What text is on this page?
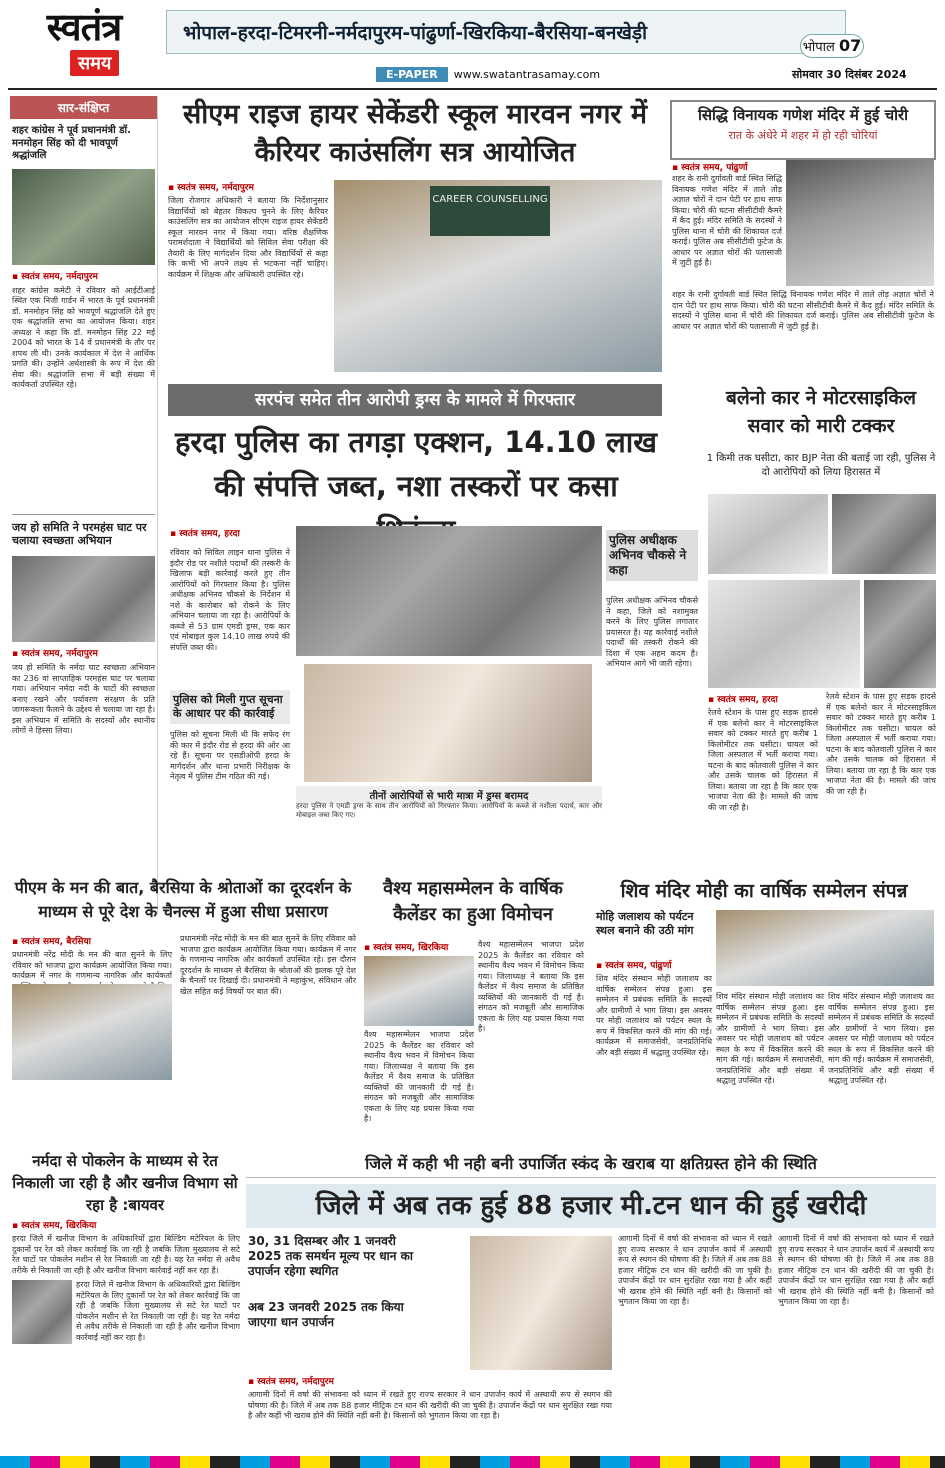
स्वतंत्र
समय
भोपाल-हरदा-टिमरनी-नर्मदापुरम-पांढुर्णा-खिरकिया-बैरसिया-बनखेड़ी
भोपाल 07
E-PAPER www.swatantrasamay.com	सोमवार 30 दिसंबर 2024
सार-संक्षिप्त
शहर कांग्रेस ने पूर्व प्रधानमंत्री डॉ. मनमोहन सिंह को दी भावपूर्ण श्रद्धांजलि
▪ स्वतंत्र समय, नर्मदापुरम
शहर कांग्रेस कमेटी ने रविवार को आईटीआई स्थित एक निजी गार्डन में भारत के पूर्व प्रधानमंत्री डॉ. मनमोहन सिंह को भावपूर्ण श्रद्धांजलि देते हुए एक श्रद्धांजलि सभा का आयोजन किया। शहर अध्यक्ष ने कहा कि डॉ. मनमोहन सिंह 22 मई 2004 को भारत के 14 वें प्रधानमंत्री के तौर पर शपथ ली थी। उनके कार्यकाल में देश ने आर्थिक प्रगति की। उन्होंने अर्थशास्त्री के रूप में देश की सेवा की। श्रद्धांजलि सभा में बड़ी संख्या में कार्यकर्ता उपस्थित रहे।
जय हो समिति ने परमहंस घाट पर चलाया स्वच्छता अभियान
▪ स्वतंत्र समय, नर्मदापुरम
जय हो समिति के नर्मदा घाट स्वच्छता अभियान का 236 वां साप्ताहिक परमहंस घाट पर चलाया गया। अभियान नर्मदा नदी के घाटों की स्वच्छता बनाए रखने और पर्यावरण संरक्षण के प्रति जागरूकता फैलाने के उद्देश्य से चलाया जा रहा है। इस अभियान में समिति के सदस्यों और स्थानीय लोगों ने हिस्सा लिया।
सीएम राइज हायर सेकेंडरी स्कूल मारवन नगर में कैरियर काउंसलिंग सत्र आयोजित
▪ स्वतंत्र समय, नर्मदापुरम
जिला रोजगार अधिकारी ने बताया कि निर्देशानुसार विद्यार्थियों को बेहतर विकल्प चुनने के लिए कैरियर काउंसलिंग सत्र का आयोजन सीएम राइज हायर सेकेंडरी स्कूल मारवन नगर में किया गया। वरिष्ठ शैक्षणिक परामर्शदाता ने विद्यार्थियों को सिविल सेवा परीक्षा की तैयारी के लिए मार्गदर्शन दिया और विद्यार्थियों से कहा कि कभी भी अपने लक्ष्य से भटकना नहीं चाहिए। कार्यक्रम में शिक्षक और अधिकारी उपस्थित रहे।
CAREER COUNSELLING
सिद्धि विनायक गणेश मंदिर में हुई चोरी
रात के अंधेरे में शहर में हो रही चोरियां
▪ स्वतंत्र समय, पांढुर्णा
शहर के रानी दुर्गावती वार्ड स्थित सिद्धि विनायक गणेश मंदिर में ताले तोड़ अज्ञात चोरों ने दान पेटी पर हाथ साफ किया। चोरी की घटना सीसीटीवी कैमरे में कैद हुई। मंदिर समिति के सदस्यों ने पुलिस थाना में चोरी की शिकायत दर्ज कराई। पुलिस अब सीसीटीवी फुटेज के आधार पर अज्ञात चोरों की पतासाजी में जुटी हुई है।
शहर के रानी दुर्गावती वार्ड स्थित सिद्धि विनायक गणेश मंदिर में ताले तोड़ अज्ञात चोरों ने दान पेटी पर हाथ साफ किया। चोरी की घटना सीसीटीवी कैमरे में कैद हुई। मंदिर समिति के सदस्यों ने पुलिस थाना में चोरी की शिकायत दर्ज कराई। पुलिस अब सीसीटीवी फुटेज के आधार पर अज्ञात चोरों की पतासाजी में जुटी हुई है।
सरपंच समेत तीन आरोपी ड्रग्स के मामले में गिरफ्तार
हरदा पुलिस का तगड़ा एक्शन, 14.10 लाख की संपत्ति जब्त, नशा तस्करों पर कसा
▪ स्वतंत्र समय, हरदा
रविवार को सिविल लाइन थाना पुलिस ने इंदौर रोड पर नशीले पदार्थों की तस्करी के खिलाफ बड़ी कार्रवाई करते हुए तीन आरोपियों को गिरफ्तार किया है। पुलिस अधीक्षक अभिनव चौकसे के निर्देशन में नशे के कारोबार को रोकने के लिए अभियान चलाया जा रहा है। आरोपियों के कब्जे से 53 ग्राम एमडी ड्रग्स, एक कार एवं मोबाइल कुल 14.10 लाख रुपये की संपत्ति जब्त की।
पुलिस को मिली गुप्त सूचना के आधार पर की कार्रवाई
पुलिस को सूचना मिली थी कि सफेद रंग की कार में इंदौर रोड से हरदा की ओर आ रहे हैं। सूचना पर एसडीओपी हरदा के मार्गदर्शन और थाना प्रभारी निरीक्षक के नेतृत्व में पुलिस टीम गठित की गई।
तीनों आरोपियों से भारी मात्रा में ड्रग्स बरामद
हरदा पुलिस ने एमडी ड्रग्स के साथ तीन आरोपियों को गिरफ्तार किया। आरोपियों के कब्जे से नशीला पदार्थ, कार और मोबाइल जब्त किए गए।
पुलिस अधीक्षक अभिनव चौकसे ने कहा
पुलिस अधीक्षक अभिनव चौकसे ने कहा, जिले को नशामुक्त करने के लिए पुलिस लगातार प्रयासरत है। यह कार्रवाई नशीले पदार्थों की तस्करी रोकने की दिशा में एक अहम कदम है। अभियान आगे भी जारी रहेगा।
बलेनो कार ने मोटरसाइकिल सवार को मारी टक्कर
1 किमी तक घसीटा, कार BJP नेता की बताई जा रही, पुलिस ने दो आरोपियों को लिया हिरासत में
▪ स्वतंत्र समय, हरदा
रेलवे स्टेशन के पास हुए सड़क हादसे में एक बलेनो कार ने मोटरसाइकिल सवार को टक्कर मारते हुए करीब 1 किलोमीटर तक घसीटा। घायल को जिला अस्पताल में भर्ती कराया गया। घटना के बाद कोतवाली पुलिस ने कार और उसके चालक को हिरासत में लिया। बताया जा रहा है कि कार एक भाजपा नेता की है। मामले की जांच की जा रही है।
रेलवे स्टेशन के पास हुए सड़क हादसे में एक बलेनो कार ने मोटरसाइकिल सवार को टक्कर मारते हुए करीब 1 किलोमीटर तक घसीटा। घायल को जिला अस्पताल में भर्ती कराया गया। घटना के बाद कोतवाली पुलिस ने कार और उसके चालक को हिरासत में लिया। बताया जा रहा है कि कार एक भाजपा नेता की है। मामले की जांच की जा रही है।
पीएम के मन की बात, बैरसिया के श्रोताओं का दूरदर्शन के माध्यम से पूरे देश के चैनल्स में हुआ सीधा प्रसारण
▪ स्वतंत्र समय, बैरसिया
प्रधानमंत्री नरेंद्र मोदी के मन की बात सुनने के लिए रविवार को भाजपा द्वारा कार्यक्रम आयोजित किया गया। कार्यक्रम में नगर के गणमान्य नागरिक और कार्यकर्ता
प्रधानमंत्री नरेंद्र मोदी के मन की बात सुनने के लिए रविवार को भाजपा द्वारा कार्यक्रम आयोजित किया गया। कार्यक्रम में नगर के गणमान्य नागरिक और कार्यकर्ता उपस्थित रहे। इस दौरान दूरदर्शन के माध्यम से बैरसिया के श्रोताओं की झलक पूरे देश के चैनलों पर दिखाई दी। प्रधानमंत्री ने महाकुंभ, संविधान और खेल सहित कई विषयों पर बात की।
वैश्य महासम्मेलन के वार्षिक कैलेंडर का हुआ विमोचन
▪ स्वतंत्र समय, खिरकिया
वैश्य महासम्मेलन भाजपा प्रदेश 2025 के कैलेंडर का रविवार को स्थानीय वैश्य भवन में विमोचन किया गया। जिलाध्यक्ष ने बताया कि इस कैलेंडर में वैश्य समाज के प्रतिष्ठित व्यक्तियों की जानकारी दी गई है। संगठन को मजबूती और सामाजिक एकता के लिए यह प्रयास किया गया है।
वैश्य महासम्मेलन भाजपा प्रदेश 2025 के कैलेंडर का रविवार को स्थानीय वैश्य भवन में विमोचन किया गया। जिलाध्यक्ष ने बताया कि इस कैलेंडर में वैश्य समाज के प्रतिष्ठित व्यक्तियों की जानकारी दी गई है। संगठन को मजबूती और सामाजिक एकता के लिए यह प्रयास किया गया है।
शिव मंदिर मोही का वार्षिक सम्मेलन संपन्न
मोहि जलाशय को पर्यटन स्थल बनाने की उठी मांग
▪ स्वतंत्र समय, पांढुर्णा
शिव मंदिर संस्थान मोही जलाशय का वार्षिक सम्मेलन संपन्न हुआ। इस सम्मेलन में प्रबंधक समिति के सदस्यों और ग्रामीणों ने भाग लिया। इस अवसर पर मोही जलाशय को पर्यटन स्थल के रूप में विकसित करने की मांग की गई। कार्यक्रम में समाजसेवी, जनप्रतिनिधि और बड़ी संख्या में श्रद्धालु उपस्थित रहे।
शिव मंदिर संस्थान मोही जलाशय का वार्षिक सम्मेलन संपन्न हुआ। इस सम्मेलन में प्रबंधक समिति के सदस्यों और ग्रामीणों ने भाग लिया। इस अवसर पर मोही जलाशय को पर्यटन स्थल के रूप में विकसित करने की मांग की गई। कार्यक्रम में समाजसेवी, जनप्रतिनिधि और बड़ी संख्या में श्रद्धालु उपस्थित रहे।
शिव मंदिर संस्थान मोही जलाशय का वार्षिक सम्मेलन संपन्न हुआ। इस सम्मेलन में प्रबंधक समिति के सदस्यों और ग्रामीणों ने भाग लिया। इस अवसर पर मोही जलाशय को पर्यटन स्थल के रूप में विकसित करने की मांग की गई। कार्यक्रम में समाजसेवी, जनप्रतिनिधि और बड़ी संख्या में श्रद्धालु उपस्थित रहे।
नर्मदा से पोकलेन के माध्यम से रेत निकाली जा रही है और खनीज विभाग सो रहा है :बायवर
▪ स्वतंत्र समय, खिरकिया
हरदा जिले में खनीज विभाग के अधिकारियों द्वारा बिल्डिंग मटेरियल के लिए दुकानों पर रेत को लेकर कार्रवाई कि जा रही है जबकि जिला मुख्यालय से सटे रेत घाटों पर पोकलेन मशीन से रेत निकाली जा रही है। यह रेत नर्मदा से अवैध तरीके से निकाली जा रही है और खनीज विभाग कार्रवाई नहीं कर रहा है।
हरदा जिले में खनीज विभाग के अधिकारियों द्वारा बिल्डिंग मटेरियल के लिए दुकानों पर रेत को लेकर कार्रवाई कि जा रही है जबकि जिला मुख्यालय से सटे रेत घाटों पर पोकलेन मशीन से रेत निकाली जा रही है। यह रेत नर्मदा से अवैध तरीके से निकाली जा रही है और खनीज विभाग कार्रवाई नहीं कर रहा है।
जिले में कही भी नही बनी उपार्जित स्कंद के खराब या क्षतिग्रस्त होने की स्थिति
जिले में अब तक हुई 88 हजार मी.टन धान की हुई खरीदी
30, 31 दिसम्बर और 1 जनवरी 2025 तक समर्थन मूल्य पर धान का उपार्जन रहेगा स्थगित
अब 23 जनवरी 2025 तक किया जाएगा धान उपार्जन
▪ स्वतंत्र समय, नर्मदापुरम
आगामी दिनों में वर्षा की संभावना को ध्यान में रखते हुए राज्य सरकार ने धान उपार्जन कार्य में अस्थायी रूप से स्थगन की घोषणा की है। जिले में अब तक 88 हजार मीट्रिक टन धान की खरीदी की जा चुकी है। उपार्जन केंद्रों पर धान सुरक्षित रखा गया है और कहीं भी खराब होने की स्थिति नहीं बनी है। किसानों को भुगतान किया जा रहा है।
आगामी दिनों में वर्षा की संभावना को ध्यान में रखते हुए राज्य सरकार ने धान उपार्जन कार्य में अस्थायी रूप से स्थगन की घोषणा की है। जिले में अब तक 88 हजार मीट्रिक टन धान की खरीदी की जा चुकी है। उपार्जन केंद्रों पर धान सुरक्षित रखा गया है और कहीं भी खराब होने की स्थिति नहीं बनी है। किसानों को भुगतान किया जा रहा है।
आगामी दिनों में वर्षा की संभावना को ध्यान में रखते हुए राज्य सरकार ने धान उपार्जन कार्य में अस्थायी रूप से स्थगन की घोषणा की है। जिले में अब तक 88 हजार मीट्रिक टन धान की खरीदी की जा चुकी है। उपार्जन केंद्रों पर धान सुरक्षित रखा गया है और कहीं भी खराब होने की स्थिति नहीं बनी है। किसानों को भुगतान किया जा रहा है।
